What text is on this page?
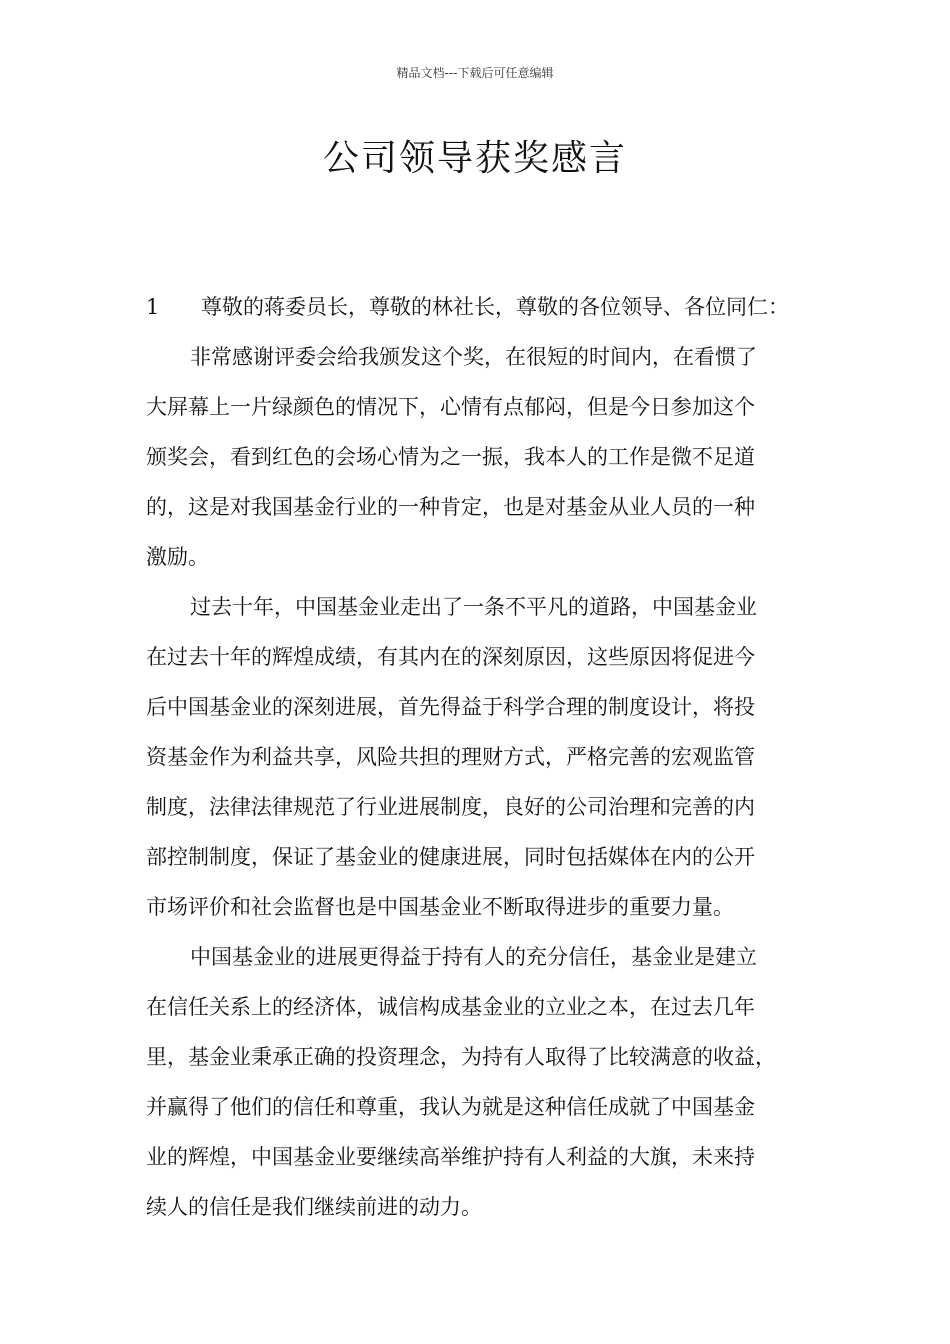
精品文档---下载后可任意编辑
公司领导获奖感言
1	尊敬的蒋委员长，尊敬的林社长，尊敬的各位领导、各位同仁：
非常感谢评委会给我颁发这个奖，在很短的时间内，在看惯了
大屏幕上一片绿颜色的情况下，心情有点郁闷，但是今日参加这个
颁奖会，看到红色的会场心情为之一振，我本人的工作是微不足道
的，这是对我国基金行业的一种肯定，也是对基金从业人员的一种
激励。
过去十年，中国基金业走出了一条不平凡的道路，中国基金业
在过去十年的辉煌成绩，有其内在的深刻原因，这些原因将促进今
后中国基金业的深刻进展，首先得益于科学合理的制度设计，将投
资基金作为利益共享，风险共担的理财方式，严格完善的宏观监管
制度，法律法律规范了行业进展制度，良好的公司治理和完善的内
部控制制度，保证了基金业的健康进展，同时包括媒体在内的公开
市场评价和社会监督也是中国基金业不断取得进步的重要力量。
中国基金业的进展更得益于持有人的充分信任，基金业是建立
在信任关系上的经济体，诚信构成基金业的立业之本，在过去几年
里，基金业秉承正确的投资理念，为持有人取得了比较满意的收益，
并赢得了他们的信任和尊重，我认为就是这种信任成就了中国基金
业的辉煌，中国基金业要继续高举维护持有人利益的大旗，未来持
续人的信任是我们继续前进的动力。
